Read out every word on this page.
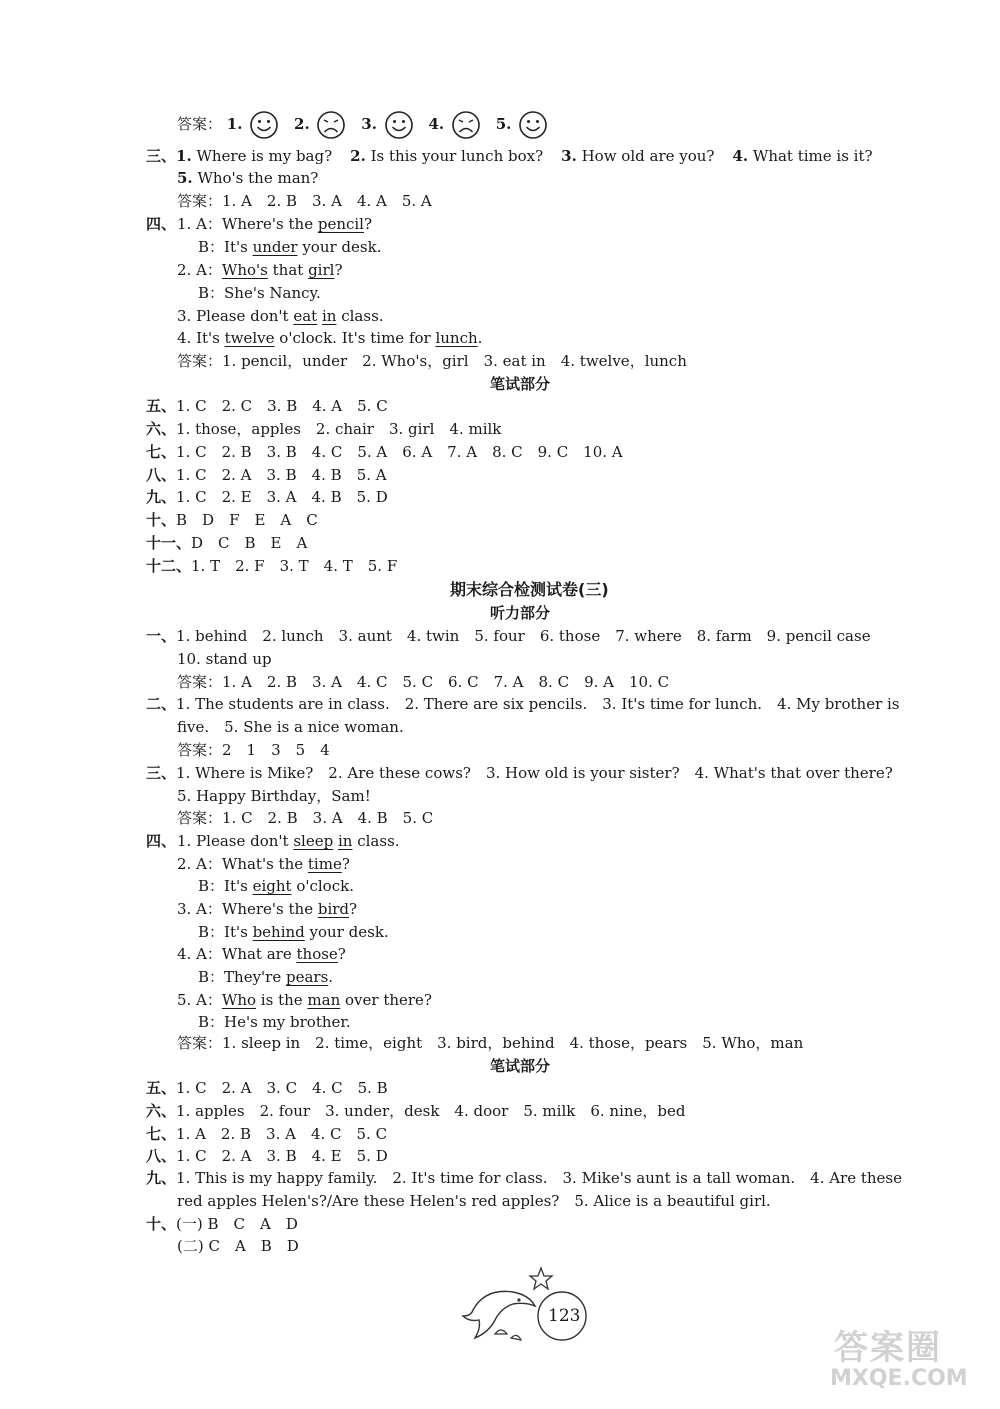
答案： 1.	2.	3.	4.	5.
三、1. Where is my bag? 2. Is this your lunch box? 3. How old are you? 4. What time is it?
5. Who's the man?
答案：1. A　2. B　3. A　4. A　5. A
四、 1. A：Where's the pencil?
B：It's under your desk.
2. A：Who's that girl?
B：She's Nancy.
3. Please don't eat in class.
4. It's twelve o'clock. It's time for lunch.
答案：1. pencil，under　2. Who's，girl　3. eat in　4. twelve，lunch
笔试部分
五、1. C　2. C　3. B　4. A　5. C
六、1. those，apples　2. chair　3. girl　4. milk
七、1. C　2. B　3. B　4. C　5. A　6. A　7. A　8. C　9. C　10. A
八、1. C　2. A　3. B　4. B　5. A
九、1. C　2. E　3. A　4. B　5. D
十、B　D　F　E　A　C
十一、D　C　B　E　A
十二、1. T　2. F　3. T　4. T　5. F
期末综合检测试卷(三)
听力部分
一、1. behind　2. lunch　3. aunt　4. twin　5. four　6. those　7. where　8. farm　9. pencil case
10. stand up
答案：1. A　2. B　3. A　4. C　5. C　6. C　7. A　8. C　9. A　10. C
二、1. The students are in class.　2. There are six pencils.　3. It's time for lunch.　4. My brother is
five.　5. She is a nice woman.
答案：2　1　3　5　4
三、1. Where is Mike?　2. Are these cows?　3. How old is your sister?　4. What's that over there?
5. Happy Birthday，Sam!
答案：1. C　2. B　3. A　4. B　5. C
四、 1. Please don't sleep in class.
2. A：What's the time?
B：It's eight o'clock.
3. A：Where's the bird?
B：It's behind your desk.
4. A：What are those?
B：They're pears.
5. A：Who is the man over there?
B：He's my brother.
答案：1. sleep in　2. time，eight　3. bird，behind　4. those，pears　5. Who，man
笔试部分
五、1. C　2. A　3. C　4. C　5. B
六、1. apples　2. four　3. under，desk　4. door　5. milk　6. nine，bed
七、1. A　2. B　3. A　4. C　5. C
八、1. C　2. A　3. B　4. E　5. D
九、1. This is my happy family.　2. It's time for class.　3. Mike's aunt is a tall woman.　4. Are these
red apples Helen's?/Are these Helen's red apples?　5. Alice is a beautiful girl.
十、(一) B　C　A　D
(二) C　A　B　D
123
答案圈
MXQE.COM
